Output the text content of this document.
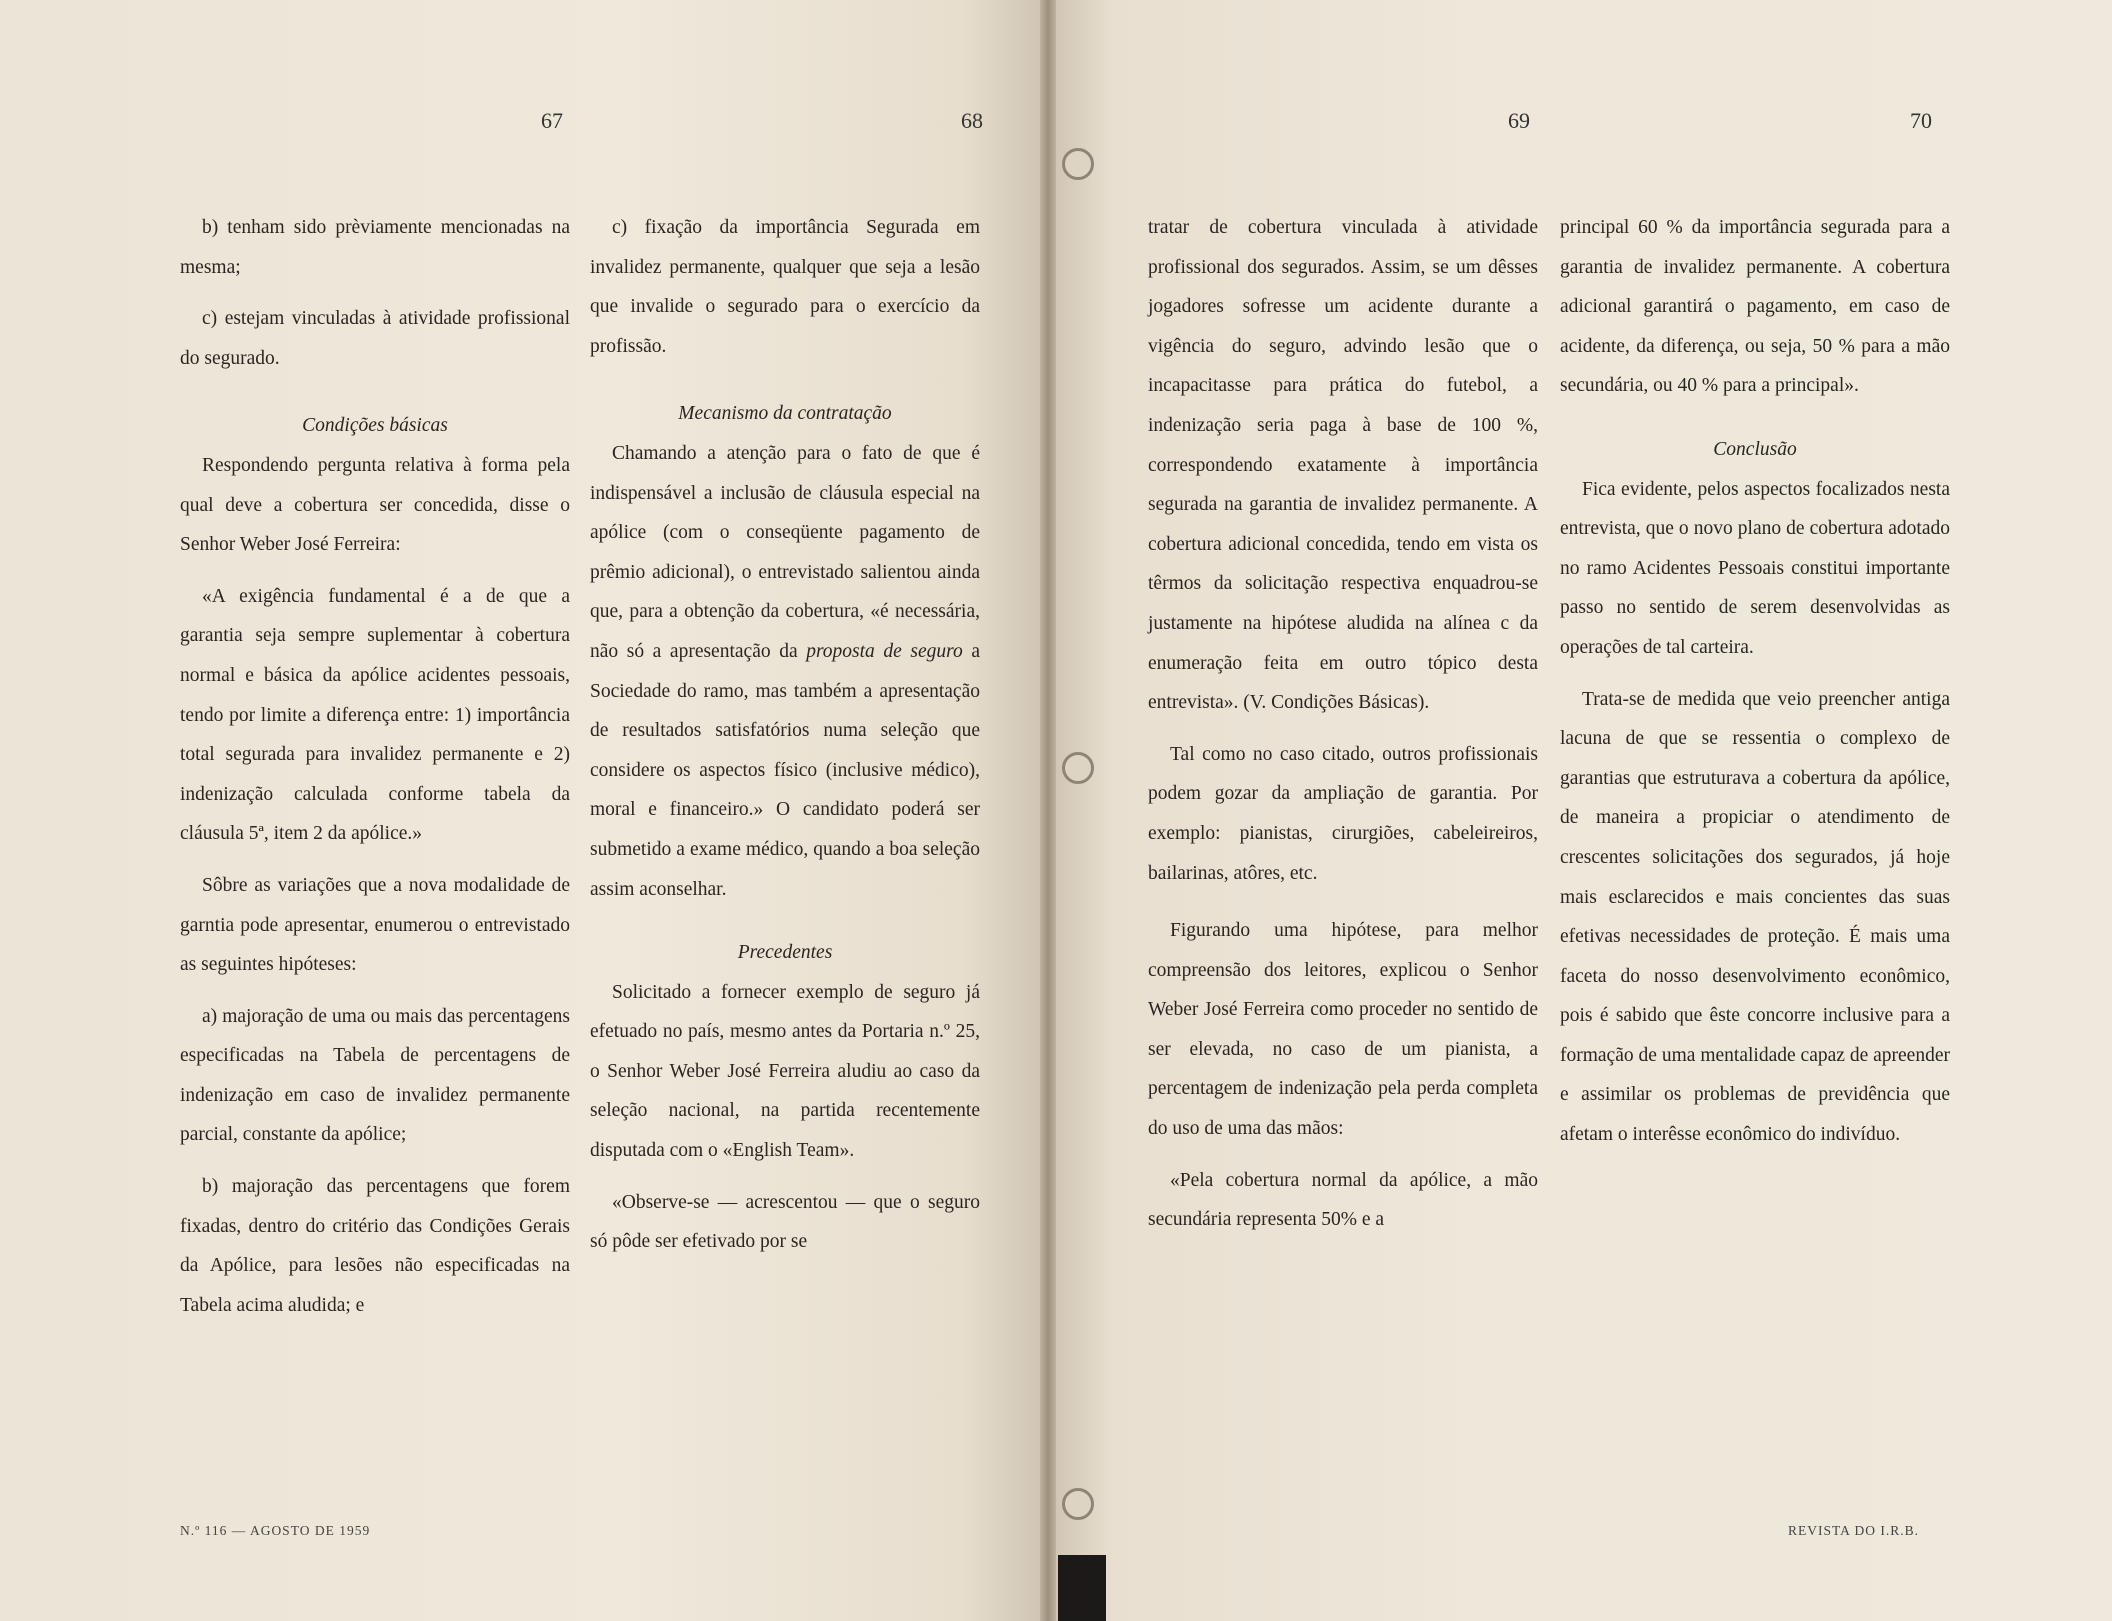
67	68	69	70

b) tenham sido prèviamente mencionadas na mesma;

c) estejam vinculadas à atividade profissional do segurado.

Condições básicas

Respondendo pergunta relativa à forma pela qual deve a cobertura ser concedida, disse o Senhor Weber José Ferreira:

«A exigência fundamental é a de que a garantia seja sempre suplementar à cobertura normal e básica da apólice acidentes pessoais, tendo por limite a diferença entre: 1) importância total segurada para invalidez permanente e 2) indenização calculada conforme tabela da cláusula 5ª, item 2 da apólice.»

Sôbre as variações que a nova modalidade de garntia pode apresentar, enumerou o entrevistado as seguintes hipóteses:

a) majoração de uma ou mais das percentagens especificadas na Tabela de percentagens de indenização em caso de invalidez permanente parcial, constante da apólice;

b) majoração das percentagens que forem fixadas, dentro do critério das Condições Gerais da Apólice, para lesões não especificadas na Tabela acima aludida; e

c) fixação da importância Segurada em invalidez permanente, qualquer que seja a lesão que invalide o segurado para o exercício da profissão.

Mecanismo da contratação

Chamando a atenção para o fato de que é indispensável a inclusão de cláusula especial na apólice (com o conseqüente pagamento de prêmio adicional), o entrevistado salientou ainda que, para a obtenção da cobertura, «é necessária, não só a apresentação da proposta de seguro a Sociedade do ramo, mas também a apresentação de resultados satisfatórios numa seleção que considere os aspectos físico (inclusive médico), moral e financeiro.» O candidato poderá ser submetido a exame médico, quando a boa seleção assim aconselhar.

Precedentes

Solicitado a fornecer exemplo de seguro já efetuado no país, mesmo antes da Portaria n.º 25, o Senhor Weber José Ferreira aludiu ao caso da seleção nacional, na partida recentemente disputada com o «English Team».

«Observe-se — acrescentou — que o seguro só pôde ser efetivado por se

tratar de cobertura vinculada à atividade profissional dos segurados. Assim, se um dêsses jogadores sofresse um acidente durante a vigência do seguro, advindo lesão que o incapacitasse para prática do futebol, a indenização seria paga à base de 100 %, correspondendo exatamente à importância segurada na garantia de invalidez permanente. A cobertura adicional concedida, tendo em vista os têrmos da solicitação respectiva enquadrou-se justamente na hipótese aludida na alínea c da enumeração feita em outro tópico desta entrevista». (V. Condições Básicas).

Tal como no caso citado, outros profissionais podem gozar da ampliação de garantia. Por exemplo: pianistas, cirurgiões, cabeleireiros, bailarinas, atôres, etc.

Figurando uma hipótese, para melhor compreensão dos leitores, explicou o Senhor Weber José Ferreira como proceder no sentido de ser elevada, no caso de um pianista, a percentagem de indenização pela perda completa do uso de uma das mãos:

«Pela cobertura normal da apólice, a mão secundária representa 50% e a

principal 60 % da importância segurada para a garantia de invalidez permanente. A cobertura adicional garantirá o pagamento, em caso de acidente, da diferença, ou seja, 50 % para a mão secundária, ou 40 % para a principal».

Conclusão

Fica evidente, pelos aspectos focalizados nesta entrevista, que o novo plano de cobertura adotado no ramo Acidentes Pessoais constitui importante passo no sentido de serem desenvolvidas as operações de tal carteira.

Trata-se de medida que veio preencher antiga lacuna de que se ressentia o complexo de garantias que estruturava a cobertura da apólice, de maneira a propiciar o atendimento de crescentes solicitações dos segurados, já hoje mais esclarecidos e mais concientes das suas efetivas necessidades de proteção. É mais uma faceta do nosso desenvolvimento econômico, pois é sabido que êste concorre inclusive para a formação de uma mentalidade capaz de apreender e assimilar os problemas de previdência que afetam o interêsse econômico do indivíduo.

N.º 116 — AGOSTO DE 1959	REVISTA DO I.R.B.
